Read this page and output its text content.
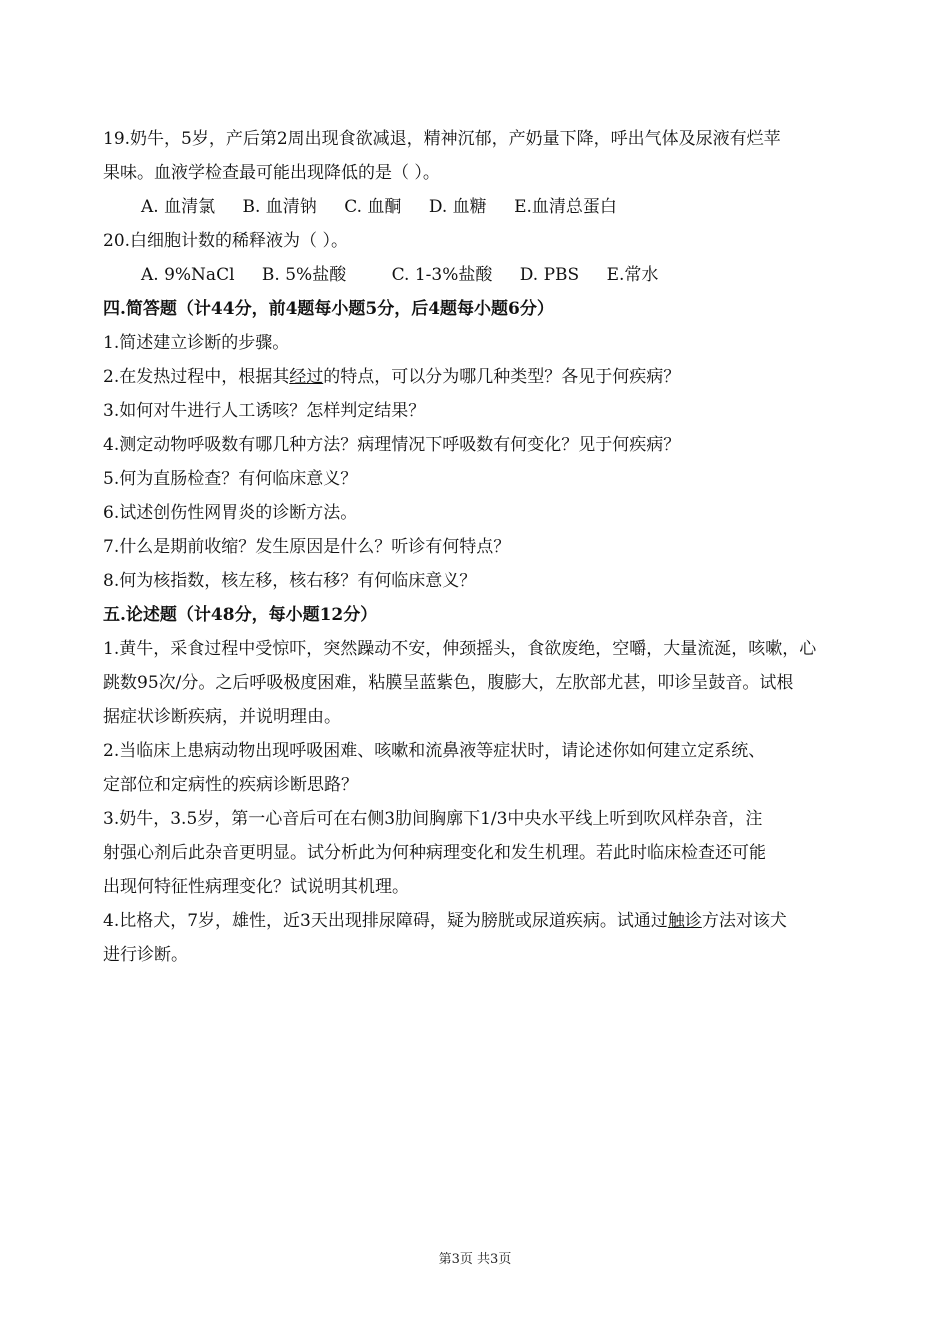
19.奶牛，5岁，产后第2周出现食欲减退，精神沉郁，产奶量下降，呼出气体及尿液有烂苹
果味。血液学检查最可能出现降低的是（ ）。
A. 血清氯 B. 血清钠 C. 血酮 D. 血糖 E.血清总蛋白
20.白细胞计数的稀释液为（ ）。
A. 9%NaCl B. 5%盐酸	C. 1-3%盐酸 D. PBS E.常水
四.简答题（计44分，前4题每小题5分，后4题每小题6分）
1.简述建立诊断的步骤。
2.在发热过程中，根据其经过的特点，可以分为哪几种类型？各见于何疾病？
3.如何对牛进行人工诱咳？怎样判定结果？
4.测定动物呼吸数有哪几种方法？病理情况下呼吸数有何变化？见于何疾病？
5.何为直肠检查？有何临床意义？
6.试述创伤性网胃炎的诊断方法。
7.什么是期前收缩？发生原因是什么？听诊有何特点？
8.何为核指数，核左移，核右移？有何临床意义？
五.论述题（计48分，每小题12分）
1.黄牛，采食过程中受惊吓，突然躁动不安，伸颈摇头，食欲废绝，空嚼，大量流涎，咳嗽，心
跳数95次/分。之后呼吸极度困难，粘膜呈蓝紫色，腹膨大，左肷部尤甚，叩诊呈鼓音。试根
据症状诊断疾病，并说明理由。
2.当临床上患病动物出现呼吸困难、咳嗽和流鼻液等症状时，请论述你如何建立定系统、
定部位和定病性的疾病诊断思路？
3.奶牛，3.5岁，第一心音后可在右侧3肋间胸廓下1/3中央水平线上听到吹风样杂音，注
射强心剂后此杂音更明显。试分析此为何种病理变化和发生机理。若此时临床检查还可能
出现何特征性病理变化？试说明其机理。
4.比格犬，7岁，雄性，近3天出现排尿障碍，疑为膀胱或尿道疾病。试通过触诊方法对该犬
进行诊断。
第3页 共3页
